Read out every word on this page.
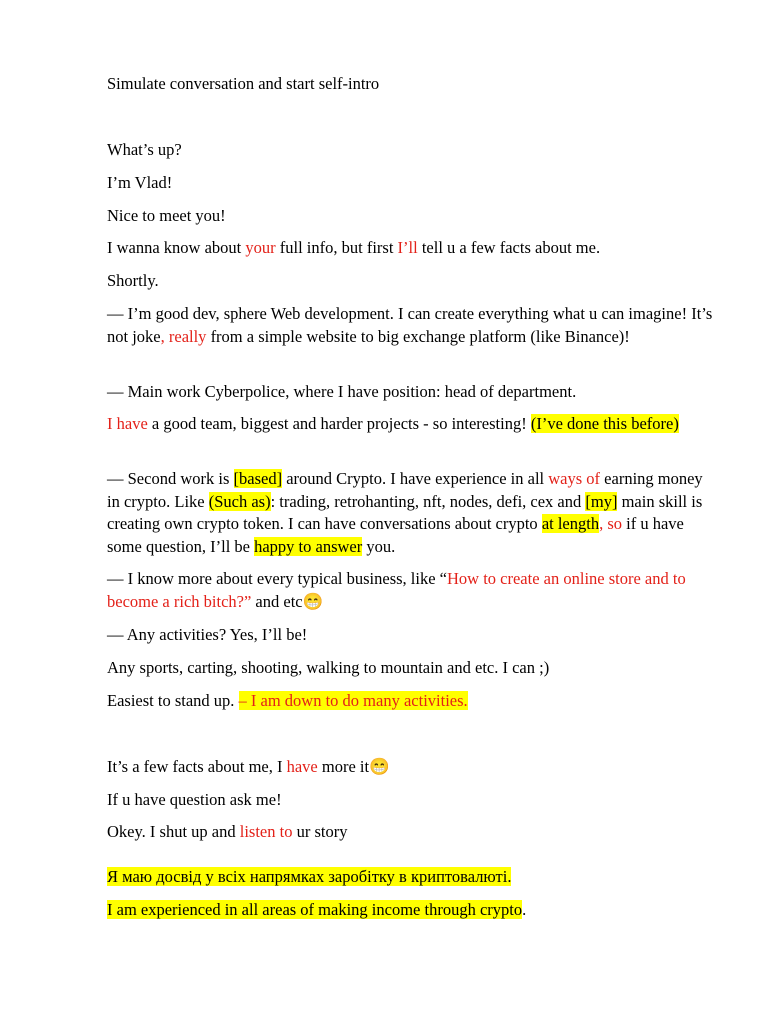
Simulate conversation and start self-intro

What’s up?

I’m Vlad!

Nice to meet you!

I wanna know about your full info, but first I’ll tell u a few facts about me.

Shortly.

— I’m good dev, sphere Web development. I can create everything what u can imagine! It’s not joke, really from a simple website to big exchange platform (like Binance)!

— Main work Cyberpolice, where I have position: head of department.

I have a good team, biggest and harder projects - so interesting! (I’ve done this before)

— Second work is [based] around Crypto. I have experience in all ways of earning money in crypto. Like (Such as): trading, retrohanting, nft, nodes, defi, cex and [my] main skill is creating own crypto token. I can have conversations about crypto at length, so if u have some question, I’ll be happy to answer you.

— I know more about every typical business, like “How to create an online store and to become a rich bitch?” and etc😁

— Any activities? Yes, I’ll be!

Any sports, carting, shooting, walking to mountain and etc. I can ;)

Easiest to stand up. – I am down to do many activities.

It’s a few facts about me, I have more it😁

If u have question ask me!

Okey. I shut up and listen to ur story

Я маю досвід у всіх напрямках заробітку в криптовалюті.

I am experienced in all areas of making income through crypto.
